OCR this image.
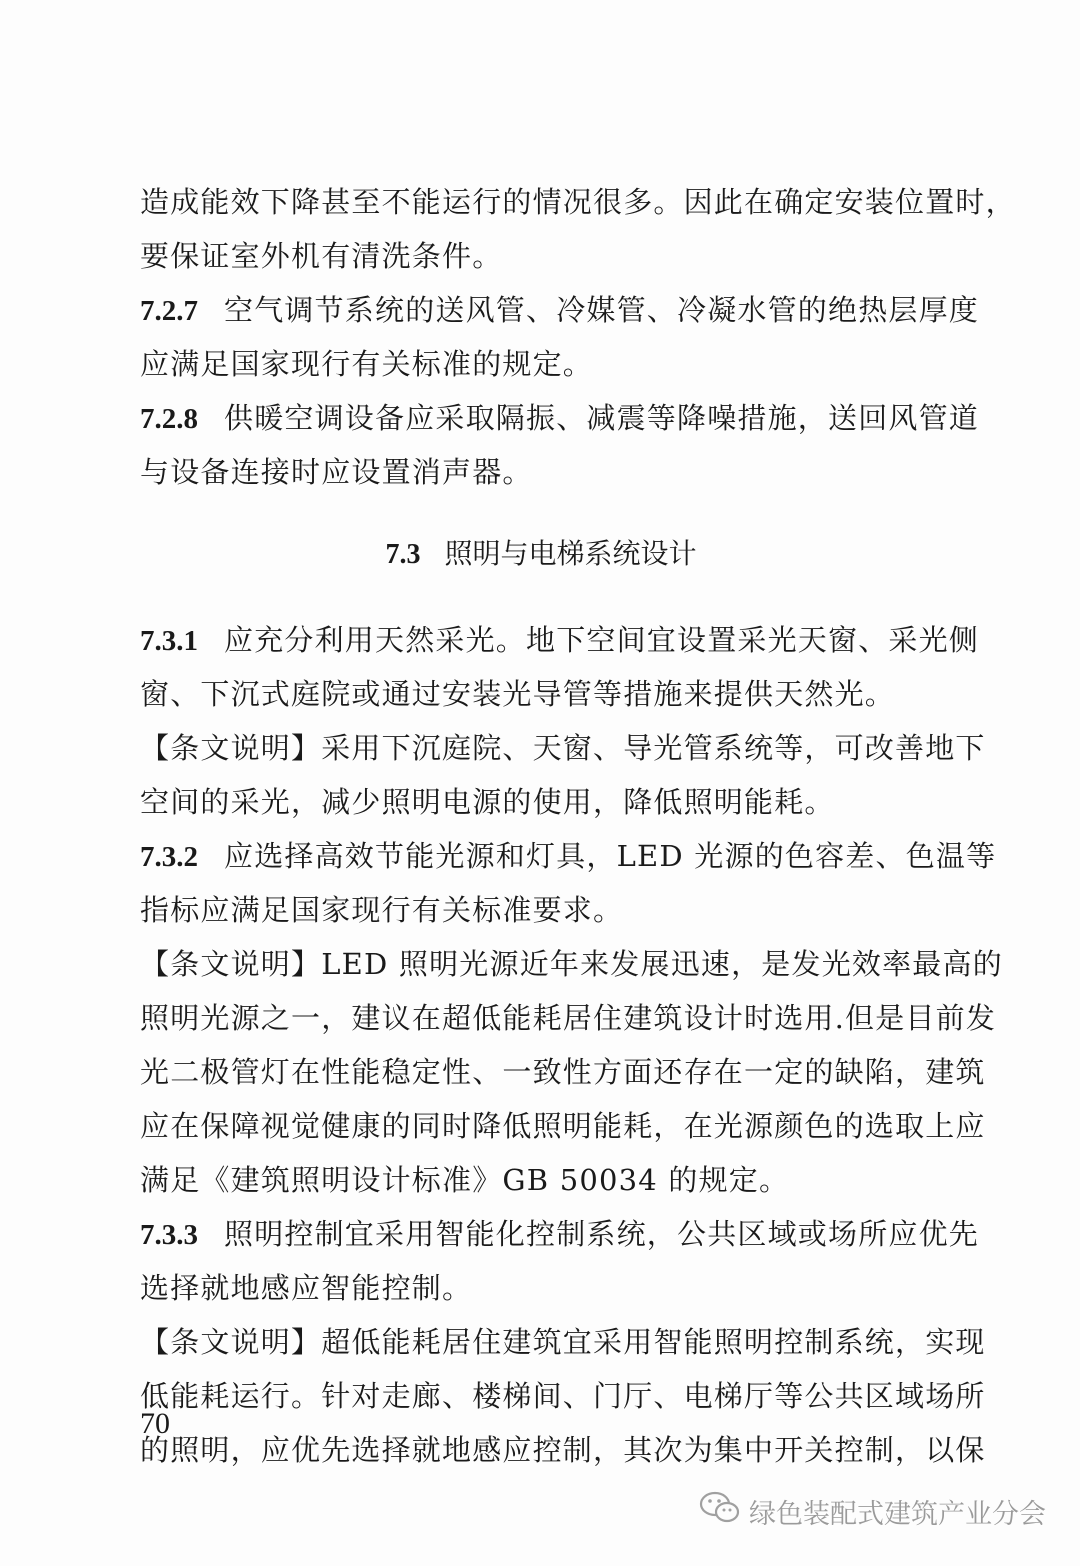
造成能效下降甚至不能运行的情况很多。因此在确定安装位置时，
要保证室外机有清洗条件。
7.2.7 空气调节系统的送风管、冷媒管、冷凝水管的绝热层厚度
应满足国家现行有关标准的规定。
7.2.8 供暖空调设备应采取隔振、减震等降噪措施，送回风管道
与设备连接时应设置消声器。
7.3 照明与电梯系统设计
7.3.1 应充分利用天然采光。地下空间宜设置采光天窗、采光侧
窗、下沉式庭院或通过安装光导管等措施来提供天然光。
【条文说明】采用下沉庭院、天窗、导光管系统等，可改善地下
空间的采光，减少照明电源的使用，降低照明能耗。
7.3.2 应选择高效节能光源和灯具，LED 光源的色容差、色温等
指标应满足国家现行有关标准要求。
【条文说明】LED 照明光源近年来发展迅速，是发光效率最高的
照明光源之一，建议在超低能耗居住建筑设计时选用.但是目前发
光二极管灯在性能稳定性、一致性方面还存在一定的缺陷，建筑
应在保障视觉健康的同时降低照明能耗，在光源颜色的选取上应
满足《建筑照明设计标准》GB 50034 的规定。
7.3.3 照明控制宜采用智能化控制系统，公共区域或场所应优先
选择就地感应智能控制。
【条文说明】超低能耗居住建筑宜采用智能照明控制系统，实现
低能耗运行。针对走廊、楼梯间、门厅、电梯厅等公共区域场所
的照明，应优先选择就地感应控制，其次为集中开关控制，以保
70
绿色装配式建筑产业分会
